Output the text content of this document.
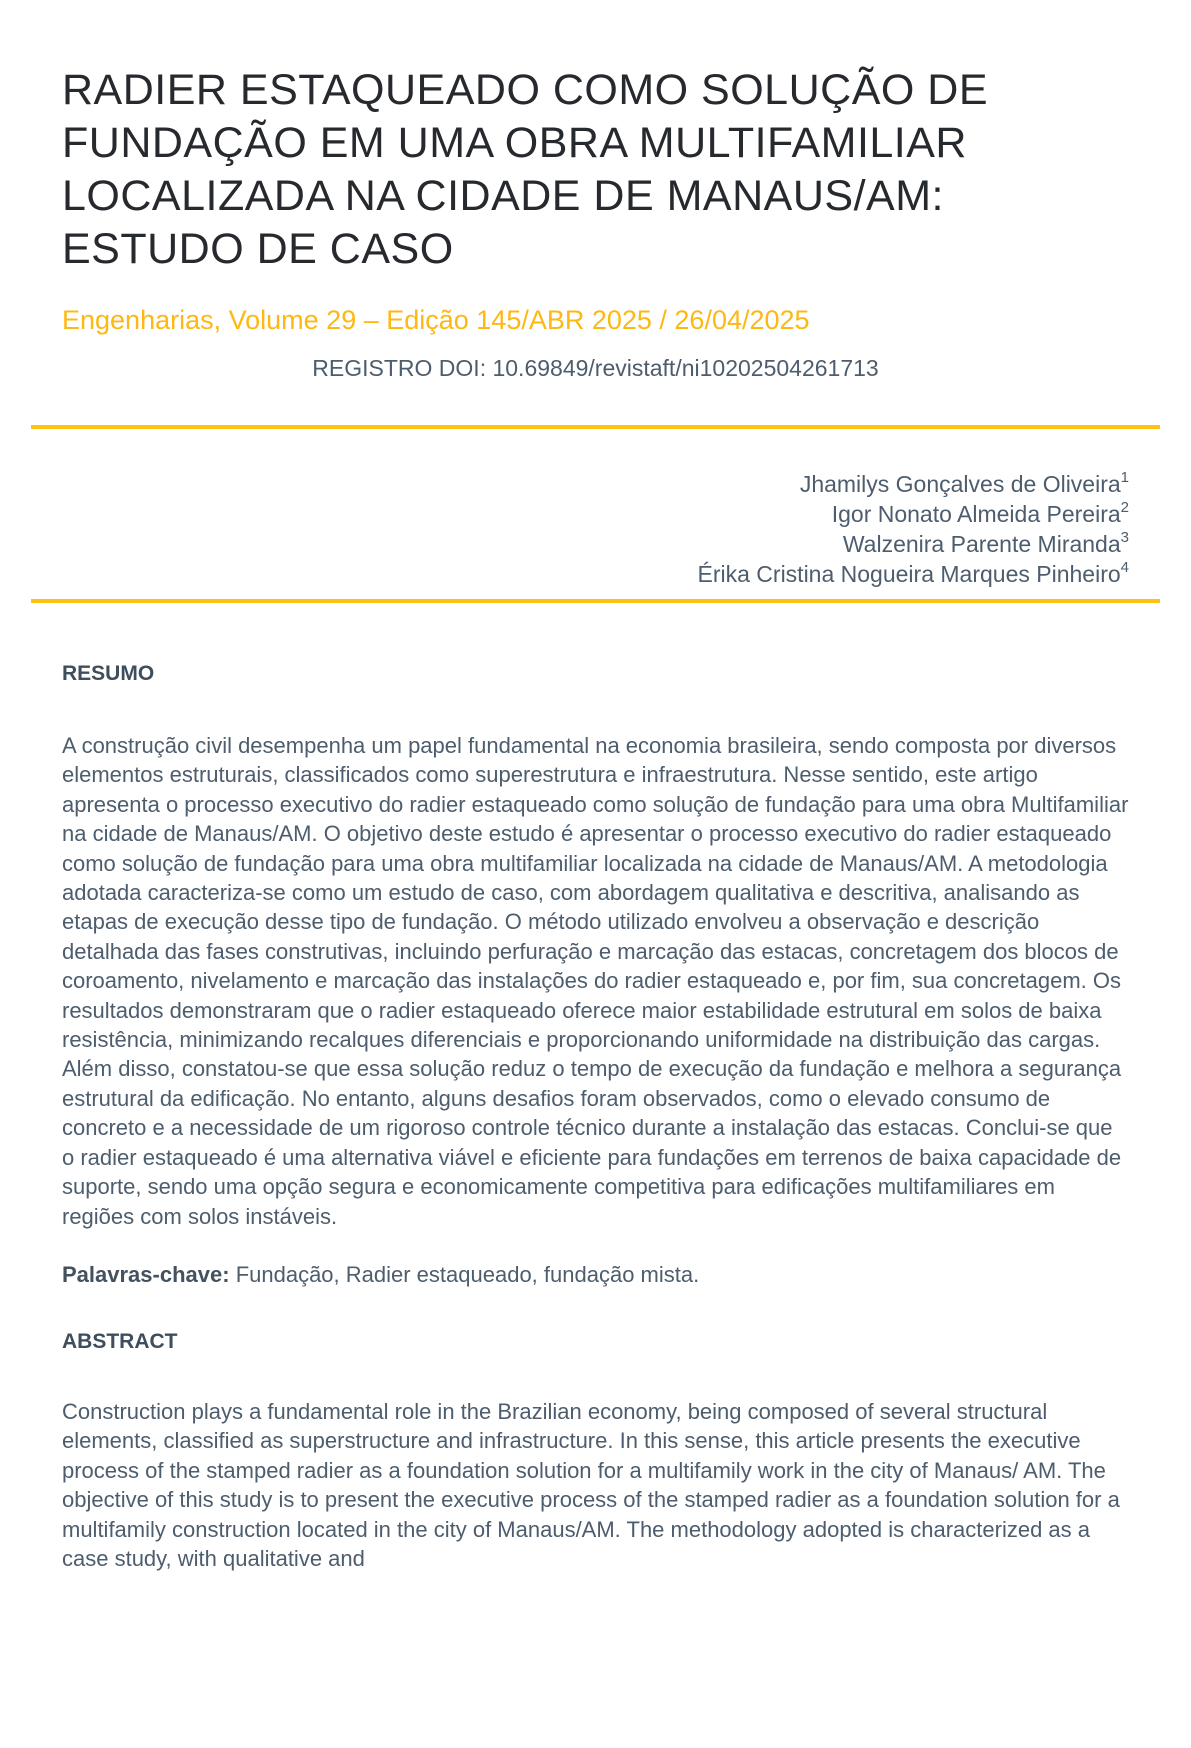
RADIER ESTAQUEADO COMO SOLUÇÃO DE FUNDAÇÃO EM UMA OBRA MULTIFAMILIAR LOCALIZADA NA CIDADE DE MANAUS/AM: ESTUDO DE CASO
Engenharias, Volume 29 – Edição 145/ABR 2025 / 26/04/2025
REGISTRO DOI: 10.69849/revistaft/ni10202504261713
Jhamilys Gonçalves de Oliveira$^1$
Igor Nonato Almeida Pereira$^2$
Walzenira Parente Miranda$^3$
Érika Cristina Nogueira Marques Pinheiro$^4$
RESUMO

A construção civil desempenha um papel fundamental na economia brasileira, sendo composta por diversos elementos estruturais, classificados como superestrutura e infraestrutura. Nesse sentido, este artigo apresenta o processo executivo do radier estaqueado como solução de fundação para uma obra Multifamiliar na cidade de Manaus/AM. O objetivo deste estudo é apresentar o processo executivo do radier estaqueado como solução de fundação para uma obra multifamiliar localizada na cidade de Manaus/AM. A metodologia adotada caracteriza-se como um estudo de caso, com abordagem qualitativa e descritiva, analisando as etapas de execução desse tipo de fundação. O método utilizado envolveu a observação e descrição detalhada das fases construtivas, incluindo perfuração e marcação das estacas, concretagem dos blocos de coroamento, nivelamento e marcação das instalações do radier estaqueado e, por fim, sua concretagem. Os resultados demonstraram que o radier estaqueado oferece maior estabilidade estrutural em solos de baixa resistência, minimizando recalques diferenciais e proporcionando uniformidade na distribuição das cargas. Além disso, constatou-se que essa solução reduz o tempo de execução da fundação e melhora a segurança estrutural da edificação. No entanto, alguns desafios foram observados, como o elevado consumo de concreto e a necessidade de um rigoroso controle técnico durante a instalação das estacas. Conclui-se que o radier estaqueado é uma alternativa viável e eficiente para fundações em terrenos de baixa capacidade de suporte, sendo uma opção segura e economicamente competitiva para edificações multifamiliares em regiões com solos instáveis.

Palavras-chave: Fundação, Radier estaqueado, fundação mista.

ABSTRACT

Construction plays a fundamental role in the Brazilian economy, being composed of several structural elements, classified as superstructure and infrastructure. In this sense, this article presents the executive process of the stamped radier as a foundation solution for a multifamily work in the city of Manaus/ AM. The objective of this study is to present the executive process of the stamped radier as a foundation solution for a multifamily construction located in the city of Manaus/AM. The methodology adopted is characterized as a case study, with qualitative and
